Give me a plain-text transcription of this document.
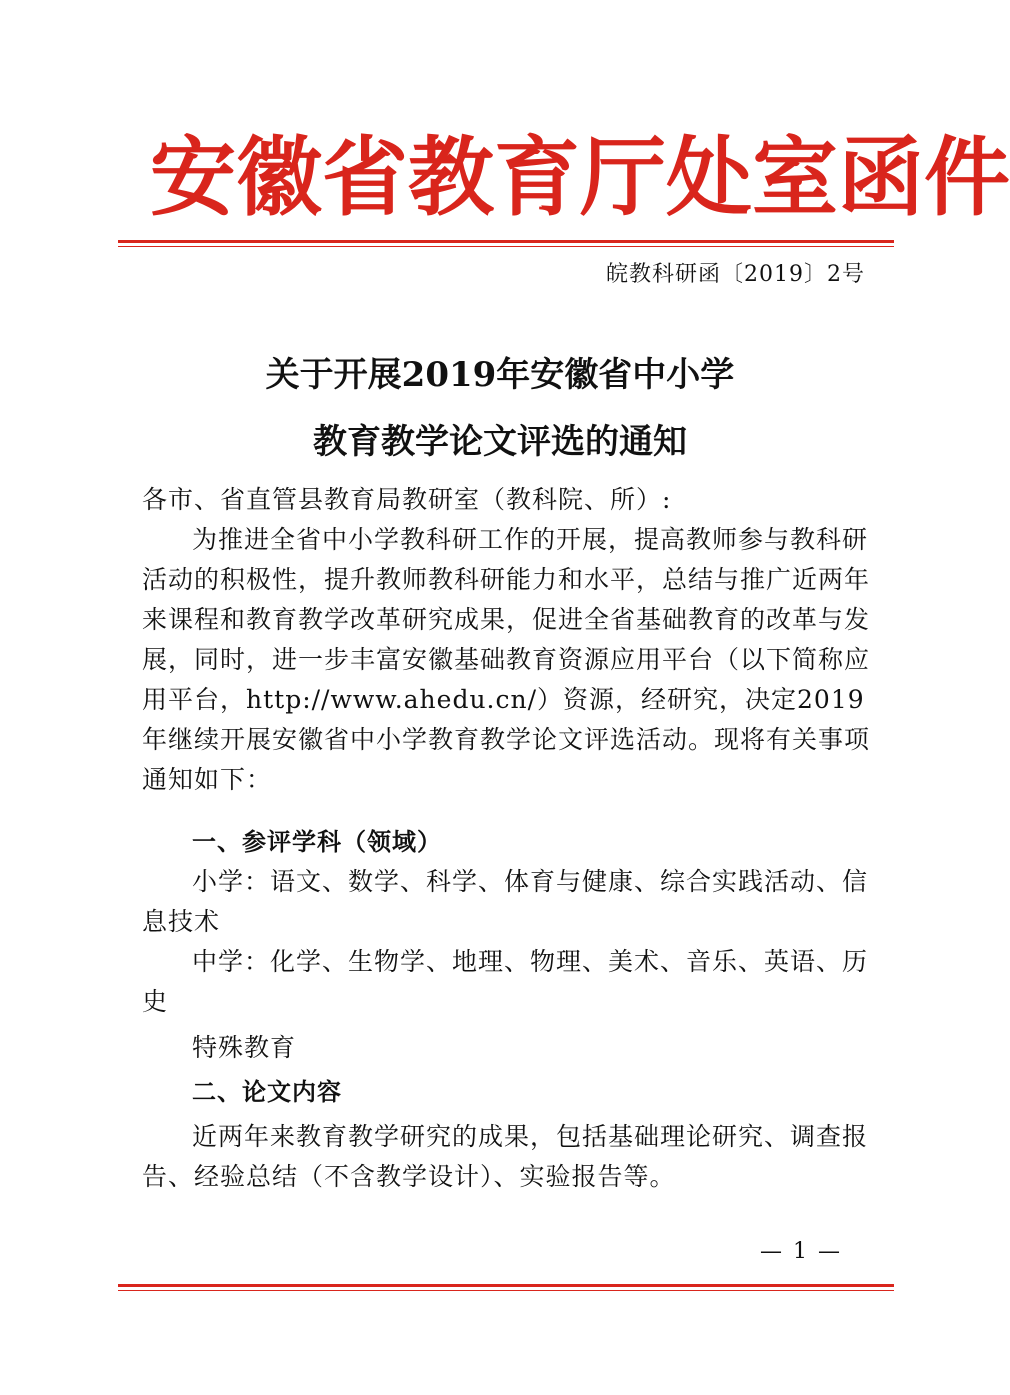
安 徽 省 教 育 厅 处 室 函 件
皖教科研函〔2019〕2号
关于开展2019年安徽省中小学
教育教学论文评选的通知
各市、省直管县教育局教研室（教科院、所）:
为推进全省中小学教科研工作的开展，提高教师参与教科研活动的积极性，提升教师教科研能力和水平，总结与推广近两年来课程和教育教学改革研究成果，促进全省基础教育的改革与发展，同时，进一步丰富安徽基础教育资源应用平台（以下简称应用平台，http://www.ahedu.cn/）资源，经研究，决定2019年继续开展安徽省中小学教育教学论文评选活动。现将有关事项通知如下：
一、参评学科（领域）
小学：语文、数学、科学、体育与健康、综合实践活动、信息技术
中学：化学、生物学、地理、物理、美术、音乐、英语、历史
特殊教育
二、论文内容
近两年来教育教学研究的成果，包括基础理论研究、调查报告、经验总结（不含教学设计）、实验报告等。
— 1 —
